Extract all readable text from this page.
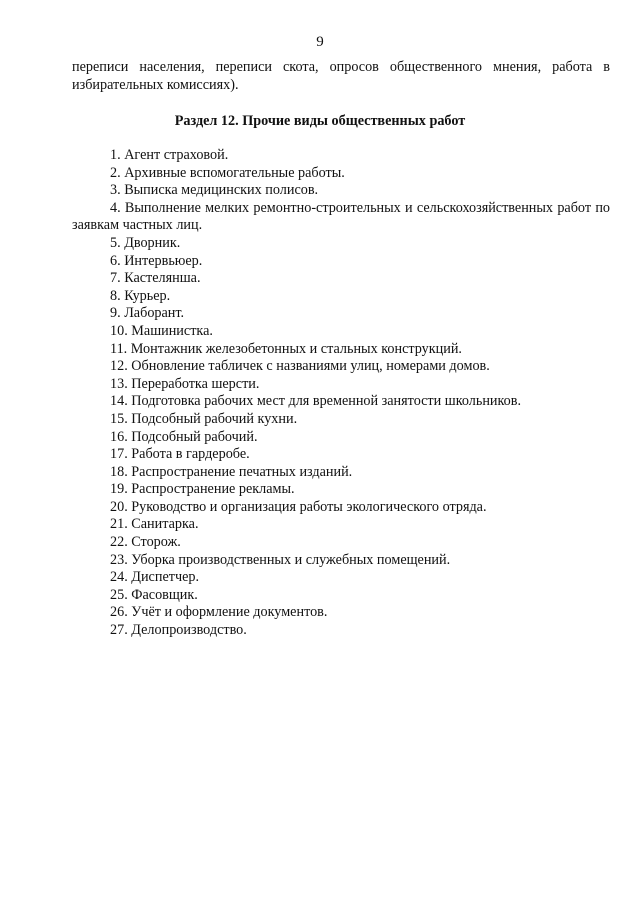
9

переписи населения, переписи скота, опросов общественного мнения, работа в избирательных комиссиях).

Раздел 12. Прочие виды общественных работ
1. Агент страховой.
2. Архивные вспомогательные работы.
3. Выписка медицинских полисов.
4. Выполнение мелких ремонтно-строительных и сельскохозяйственных работ по заявкам частных лиц.
5. Дворник.
6. Интервьюер.
7. Кастелянша.
8. Курьер.
9. Лаборант.
10. Машинистка.
11. Монтажник железобетонных и стальных конструкций.
12. Обновление табличек с названиями улиц, номерами домов.
13. Переработка шерсти.
14. Подготовка рабочих мест для временной занятости школьников.
15. Подсобный рабочий кухни.
16. Подсобный рабочий.
17. Работа в гардеробе.
18. Распространение печатных изданий.
19. Распространение рекламы.
20. Руководство и организация работы экологического отряда.
21. Санитарка.
22. Сторож.
23. Уборка производственных и служебных помещений.
24. Диспетчер.
25. Фасовщик.
26. Учёт и оформление документов.
27. Делопроизводство.
